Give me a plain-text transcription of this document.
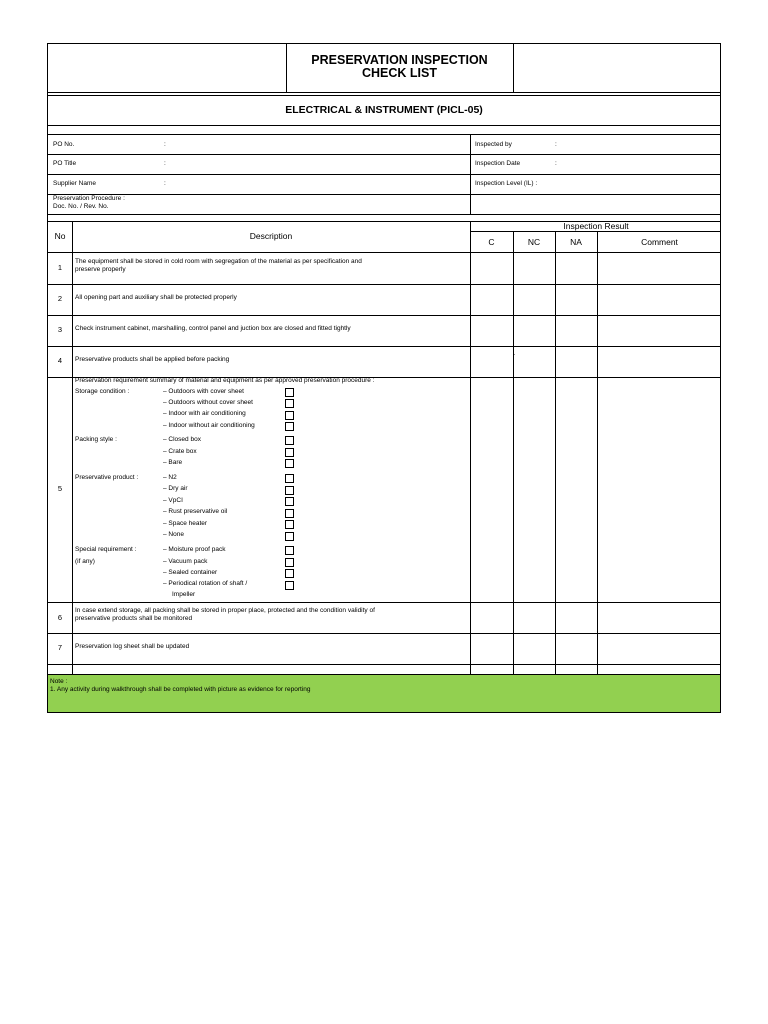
PRESERVATION INSPECTION
CHECK LIST
ELECTRICAL & INSTRUMENT (PICL-05)
PO No.	:
PO Title	:
Supplier Name	:
Preservation Procedure :
Doc. No. / Rev. No.
Inspected by	:
Inspection Date	:
Inspection Level (IL) :
No	Description
Inspection Result
C	NC	NA	Comment
1
The equipment shall be stored in cold room with segregation of the material as per specification and
preserve properly
2	All opening part and auxiliary shall be protected properly
3	Check instrument cabinet, marshalling, control panel and juction box are closed and fitted tightly
4	Preservative products shall be applied before packing
-
5
Preservation requirement summary of material and equipment as per approved preservation procedure :
Storage condition :	– Outdoors with cover sheet
– Outdoors without cover sheet
– Indoor with air conditioning
– Indoor without air conditioning
Packing style :	– Closed box
– Crate box
– Bare
Preservative product :	– N2
– Dry air
– VpCI
– Rust preservative oil
– Space heater
– None
Special requirement :
(if any)
– Moisture proof pack
– Vacuum pack
– Sealed container
– Periodical rotation of shaft /
Impeller
6
In case extend storage, all packing shall be stored in proper place, protected and the condition validity of
preservative products shall be monitored
7	Preservation log sheet shall be updated
Note :
1. Any activity during walkthrough shall be completed with picture as evidence for reporting
